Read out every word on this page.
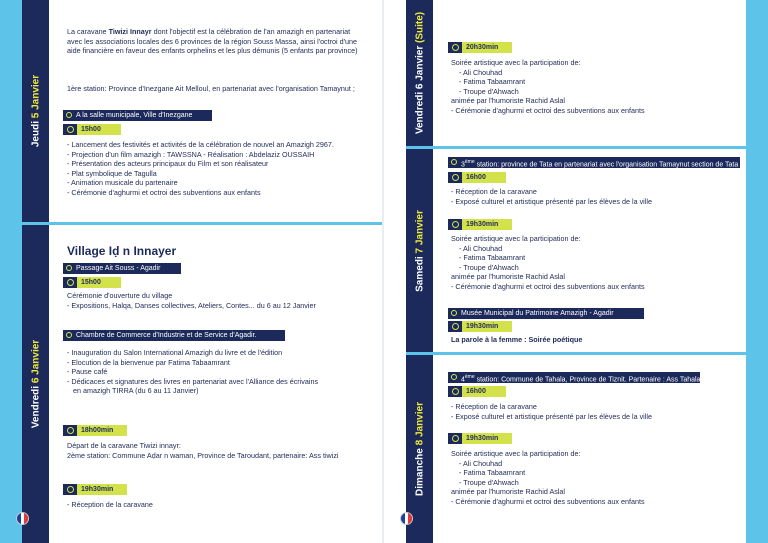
Jeudi 5 Janvier
Vendredi 6 Janvier
La caravane Tiwizi Innayr dont l'objectif est la célébration de l'an amazigh en partenariat avec les associations locales des 6 provinces de la région Souss Massa, ainsi l'octroi d'une aide financière en faveur des enfants orphelins et les plus démunis (5 enfants par province)
1ère station: Province d'Inezgane Ait Melloul, en partenariat avec l'organisation Tamaynut ;
A la salle municipale, Ville d'Inezgane
15h00
- Lancement des festivités et activités de la célébration de nouvel an Amazigh 2967.
- Projection d'un film amazigh : TAWSSNA - Réalisation : Abdelaziz OUSSAIH
- Présentation des acteurs principaux du Film et son réalisateur
- Plat symbolique de Tagulla
- Animation musicale du partenaire
- Cérémonie d'aghurmi et octroi des subventions aux enfants
Village Iḍ n Innayer
Passage Ait Souss - Agadir
15h00
Cérémonie d'ouverture du village
- Expositions, Halqa, Danses collectives, Ateliers, Contes... du 6 au 12 Janvier
Chambre de Commerce d'Industrie et de Service d'Agadir.
- Inauguration du Salon International Amazigh du livre et de l'édition
- Elocution de la bienvenue par Fatima Tabaamrant
- Pause café
- Dédicaces et signatures des livres en partenariat avec l'Alliance des écrivains
en amazigh TIRRA (du 6 au 11 Janvier)
18h00min
Départ de la caravane Tiwizi innayr:
2ème station: Commune Aḍar n waman, Province de Taroudant, partenaire: Ass tiwizi
19h30min
- Réception de la caravane
Vendredi 6 Janvier (Suite)
Samedi 7 Janvier
Dimanche 8 Janvier
20h30min
Soirée artistique avec la participation de:
- Ali Chouhad
- Fatima Tabaamrant
- Troupe d'Ahwach
animée par l'humoriste Rachid Aslal
- Cérémonie d'aghurmi et octroi des subventions aux enfants
3ème station: province de Tata en partenariat avec l'organisation Tamaynut section de Tata
16h00
- Réception de la caravane
- Exposé culturel et artistique présenté par les élèves de la ville
19h30min
Soirée artistique avec la participation de:
- Ali Chouhad
- Fatima Tabaamrant
- Troupe d'Ahwach
animée par l'humoriste Rachid Aslal
- Cérémonie d'aghurmi et octroi des subventions aux enfants
Musée Municipal du Patrimoine Amazigh - Agadir
19h30min
La parole à la femme : Soirée poétique
4ème station: Commune de Tahala, Province de Tiznit. Partenaire : Ass Tahala
16h00
- Réception de la caravane
- Exposé culturel et artistique présenté par les élèves de la ville
19h30min
Soirée artistique avec la participation de:
- Ali Chouhad
- Fatima Tabaamrant
- Troupe d'Ahwach
animée par l'humoriste Rachid Aslal
- Cérémonie d'aghurmi et octroi des subventions aux enfants
